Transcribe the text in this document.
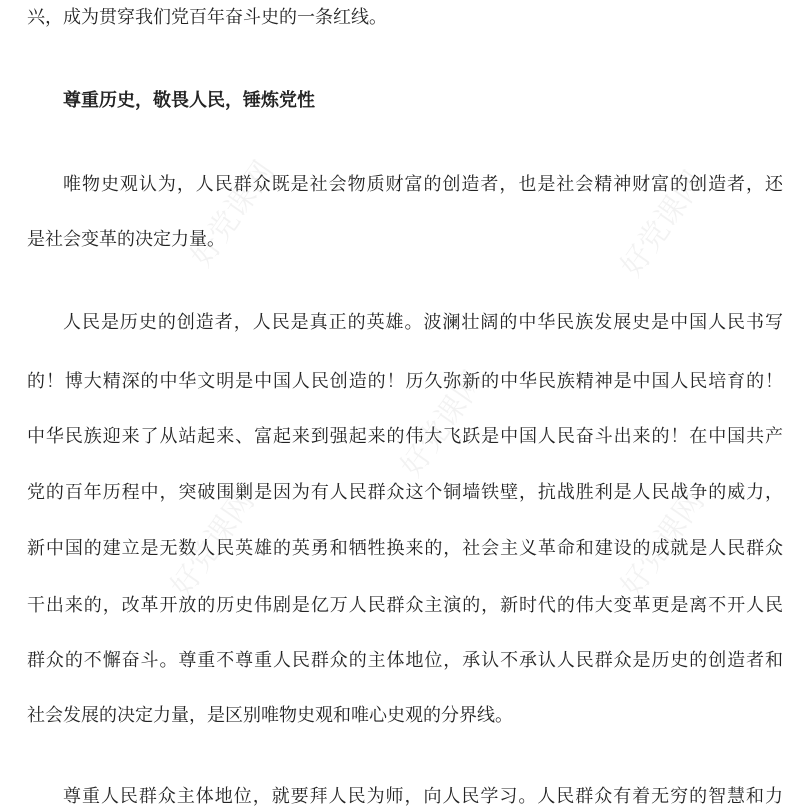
好党课网	好党课网
好党课网
好党课网	好党课网
兴，成为贯穿我们党百年奋斗史的一条红线。
尊重历史，敬畏人民，锤炼党性
唯物史观认为，人民群众既是社会物质财富的创造者，也是社会精神财富的创造者，还
是社会变革的决定力量。
人民是历史的创造者，人民是真正的英雄。波澜壮阔的中华民族发展史是中国人民书写
的！博大精深的中华文明是中国人民创造的！历久弥新的中华民族精神是中国人民培育的！
中华民族迎来了从站起来、富起来到强起来的伟大飞跃是中国人民奋斗出来的！在中国共产
党的百年历程中，突破围剿是因为有人民群众这个铜墙铁壁，抗战胜利是人民战争的威力，
新中国的建立是无数人民英雄的英勇和牺牲换来的，社会主义革命和建设的成就是人民群众
干出来的，改革开放的历史伟剧是亿万人民群众主演的，新时代的伟大变革更是离不开人民
群众的不懈奋斗。尊重不尊重人民群众的主体地位，承认不承认人民群众是历史的创造者和
社会发展的决定力量，是区别唯物史观和唯心史观的分界线。
尊重人民群众主体地位，就要拜人民为师，向人民学习。人民群众有着无穷的智慧和力
